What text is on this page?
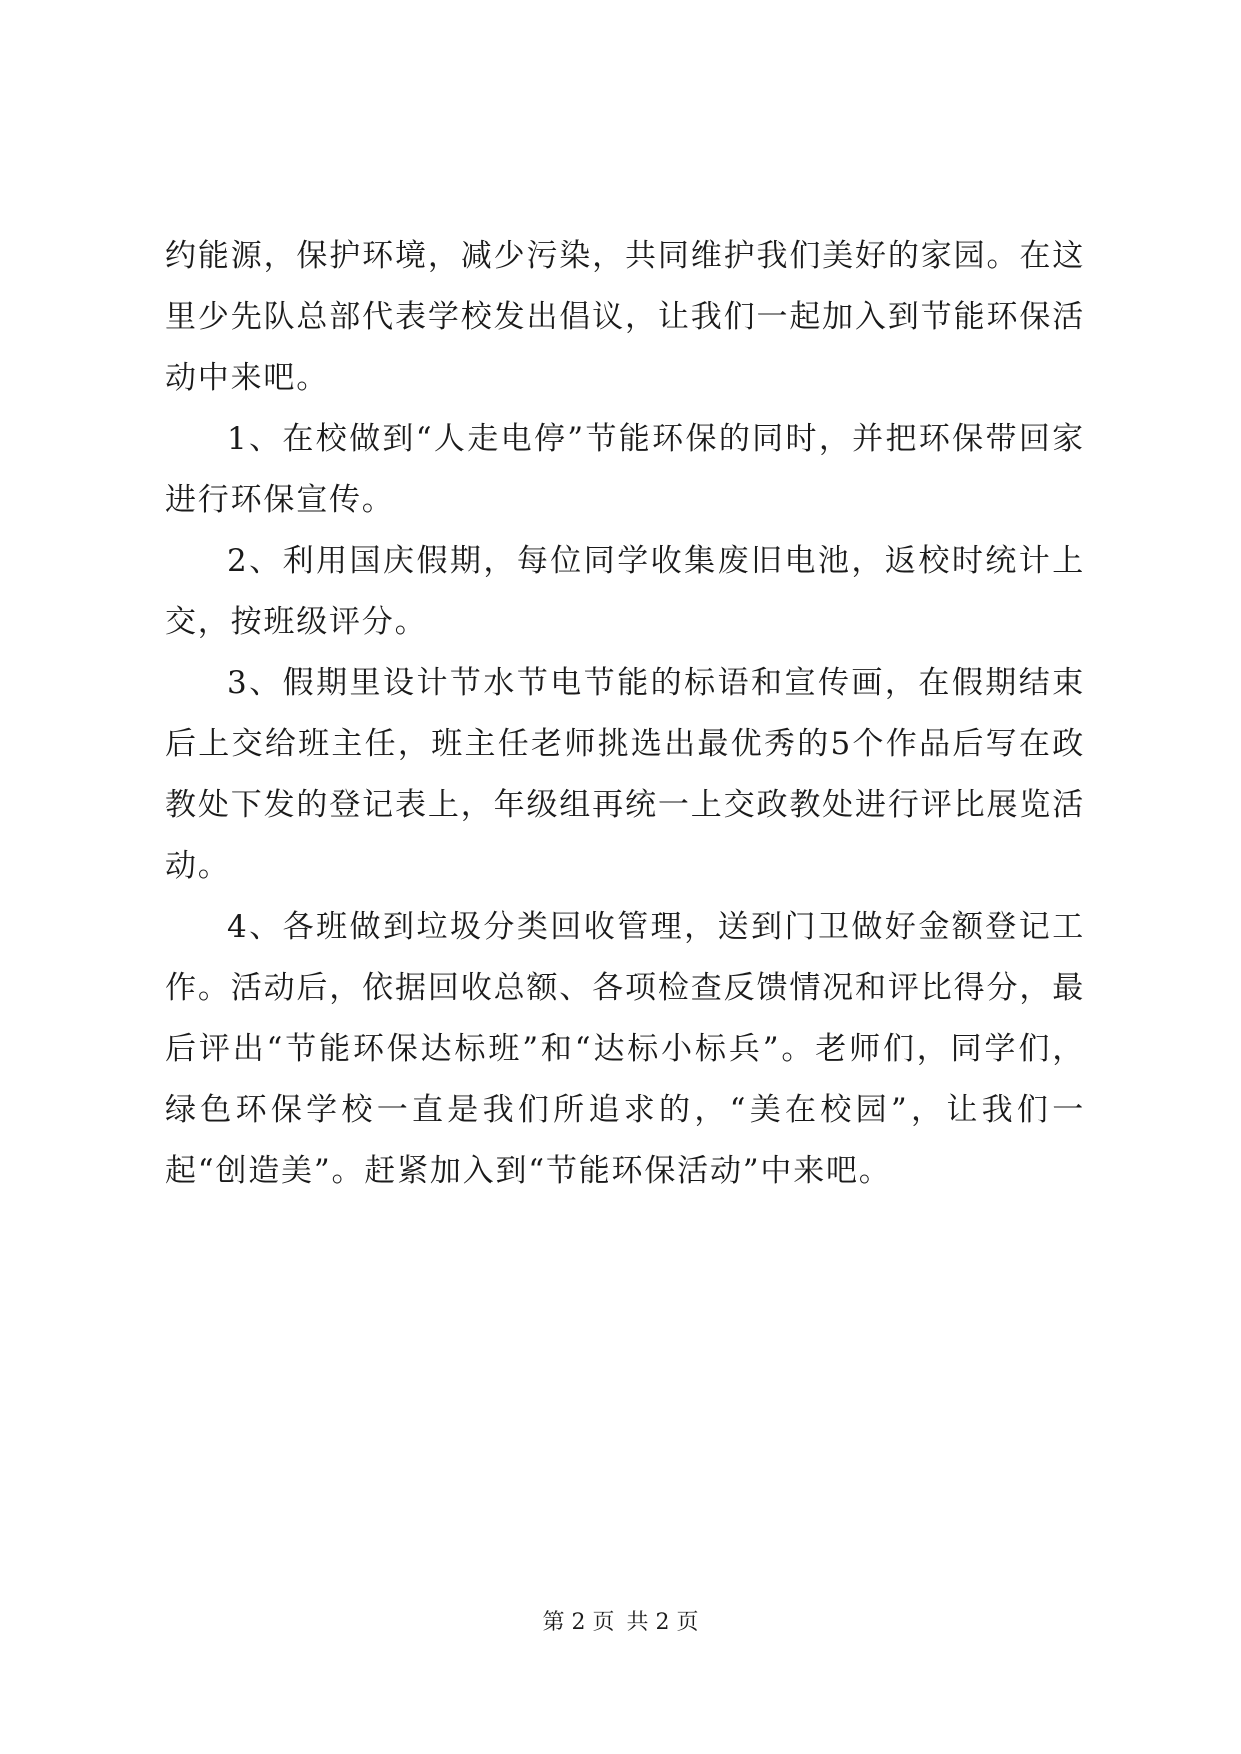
约能源，保护环境，减少污染，共同维护我们美好的家园。在这里少先队总部代表学校发出倡议，让我们一起加入到节能环保活动中来吧。

1、在校做到“人走电停”节能环保的同时，并把环保带回家进行环保宣传。

2、利用国庆假期，每位同学收集废旧电池，返校时统计上交，按班级评分。

3、假期里设计节水节电节能的标语和宣传画，在假期结束后上交给班主任，班主任老师挑选出最优秀的5个作品后写在政教处下发的登记表上，年级组再统一上交政教处进行评比展览活动。

4、各班做到垃圾分类回收管理，送到门卫做好金额登记工作。活动后，依据回收总额、各项检查反馈情况和评比得分，最后评出“节能环保达标班”和“达标小标兵”。老师们，同学们，绿色环保学校一直是我们所追求的，“美在校园”，让我们一起“创造美”。赶紧加入到“节能环保活动”中来吧。

第 2 页 共 2 页
